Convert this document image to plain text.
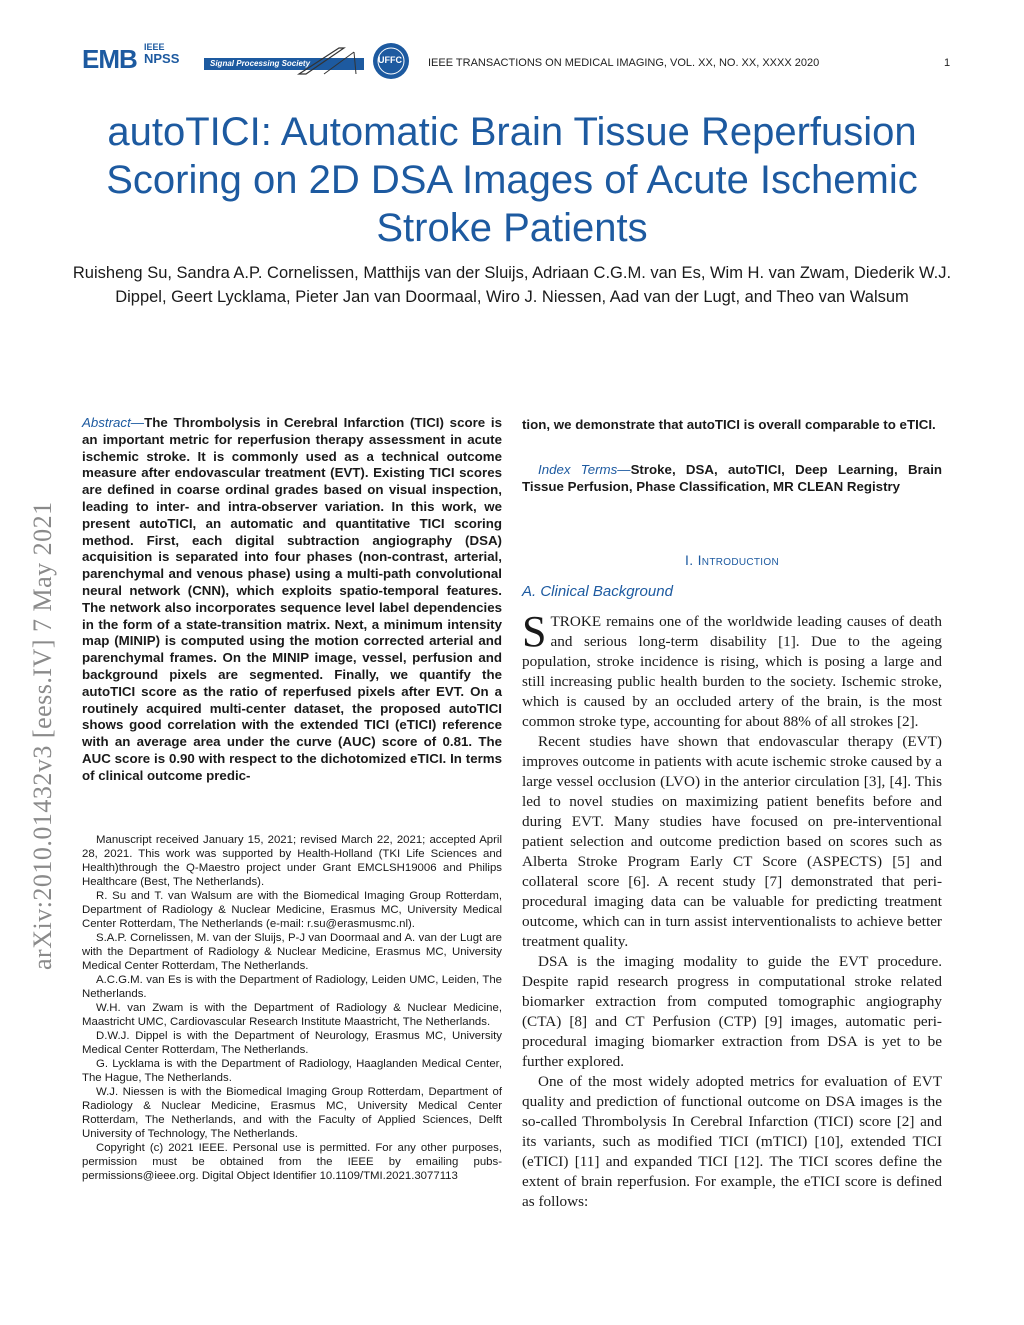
EMB IEEE
NPSS	Signal Processing Society	UFFC IEEE TRANSACTIONS ON MEDICAL IMAGING, VOL. XX, NO. XX, XXXX 2020	1
autoTICI: Automatic Brain Tissue Reperfusion Scoring on 2D DSA Images of Acute Ischemic Stroke Patients
Ruisheng Su, Sandra A.P. Cornelissen, Matthijs van der Sluijs, Adriaan C.G.M. van Es, Wim H. van Zwam, Diederik W.J. Dippel, Geert Lycklama, Pieter Jan van Doormaal, Wiro J. Niessen, Aad van der Lugt, and Theo van Walsum
arXiv:2010.01432v3 [eess.IV] 7 May 2021
Abstract—The Thrombolysis in Cerebral Infarction (TICI) score is an important metric for reperfusion therapy assessment in acute ischemic stroke. It is commonly used as a technical outcome measure after endovascular treatment (EVT). Existing TICI scores are defined in coarse ordinal grades based on visual inspection, leading to inter- and intra-observer variation. In this work, we present autoTICI, an automatic and quantitative TICI scoring method. First, each digital subtraction angiography (DSA) acquisition is separated into four phases (non-contrast, arterial, parenchymal and venous phase) using a multi-path convolutional neural network (CNN), which exploits spatio-temporal features. The network also incorporates sequence level label dependencies in the form of a state-transition matrix. Next, a minimum intensity map (MINIP) is computed using the motion corrected arterial and parenchymal frames. On the MINIP image, vessel, perfusion and background pixels are segmented. Finally, we quantify the autoTICI score as the ratio of reperfused pixels after EVT. On a routinely acquired multi-center dataset, the proposed autoTICI shows good correlation with the extended TICI (eTICI) reference with an average area under the curve (AUC) score of 0.81. The AUC score is 0.90 with respect to the dichotomized eTICI. In terms of clinical outcome predic-

Manuscript received January 15, 2021; revised March 22, 2021; accepted April 28, 2021. This work was supported by Health-Holland (TKI Life Sciences and Health)through the Q-Maestro project under Grant EMCLSH19006 and Philips Healthcare (Best, The Netherlands).

R. Su and T. van Walsum are with the Biomedical Imaging Group Rotterdam, Department of Radiology & Nuclear Medicine, Erasmus MC, University Medical Center Rotterdam, The Netherlands (e-mail: r.su@erasmusmc.nl).

S.A.P. Cornelissen, M. van der Sluijs, P-J van Doormaal and A. van der Lugt are with the Department of Radiology & Nuclear Medicine, Erasmus MC, University Medical Center Rotterdam, The Netherlands.

A.C.G.M. van Es is with the Department of Radiology, Leiden UMC, Leiden, The Netherlands.

W.H. van Zwam is with the Department of Radiology & Nuclear Medicine, Maastricht UMC, Cardiovascular Research Institute Maastricht, The Netherlands.

D.W.J. Dippel is with the Department of Neurology, Erasmus MC, University Medical Center Rotterdam, The Netherlands.

G. Lycklama is with the Department of Radiology, Haaglanden Medical Center, The Hague, The Netherlands.

W.J. Niessen is with the Biomedical Imaging Group Rotterdam, Department of Radiology & Nuclear Medicine, Erasmus MC, University Medical Center Rotterdam, The Netherlands, and with the Faculty of Applied Sciences, Delft University of Technology, The Netherlands.

Copyright (c) 2021 IEEE. Personal use is permitted. For any other purposes, permission must be obtained from the IEEE by emailing pubs-permissions@ieee.org. Digital Object Identifier 10.1109/TMI.2021.3077113

tion, we demonstrate that autoTICI is overall comparable to eTICI.
Index Terms—Stroke, DSA, autoTICI, Deep Learning, Brain Tissue Perfusion, Phase Classification, MR CLEAN Registry
I. Introduction
A. Clinical Background

STROKE remains one of the worldwide leading causes of death and serious long-term disability [1]. Due to the ageing population, stroke incidence is rising, which is posing a large and still increasing public health burden to the society. Ischemic stroke, which is caused by an occluded artery of the brain, is the most common stroke type, accounting for about 88% of all strokes [2].

Recent studies have shown that endovascular therapy (EVT) improves outcome in patients with acute ischemic stroke caused by a large vessel occlusion (LVO) in the anterior circulation [3], [4]. This led to novel studies on maximizing patient benefits before and during EVT. Many studies have focused on pre-interventional patient selection and outcome prediction based on scores such as Alberta Stroke Program Early CT Score (ASPECTS) [5] and collateral score [6]. A recent study [7] demonstrated that peri-procedural imaging data can be valuable for predicting treatment outcome, which can in turn assist interventionalists to achieve better treatment quality.

DSA is the imaging modality to guide the EVT procedure. Despite rapid research progress in computational stroke related biomarker extraction from computed tomographic angiography (CTA) [8] and CT Perfusion (CTP) [9] images, automatic peri-procedural imaging biomarker extraction from DSA is yet to be further explored.

One of the most widely adopted metrics for evaluation of EVT quality and prediction of functional outcome on DSA images is the so-called Thrombolysis In Cerebral Infarction (TICI) score [2] and its variants, such as modified TICI (mTICI) [10], extended TICI (eTICI) [11] and expanded TICI [12]. The TICI scores define the extent of brain reperfusion. For example, the eTICI score is defined as follows:
